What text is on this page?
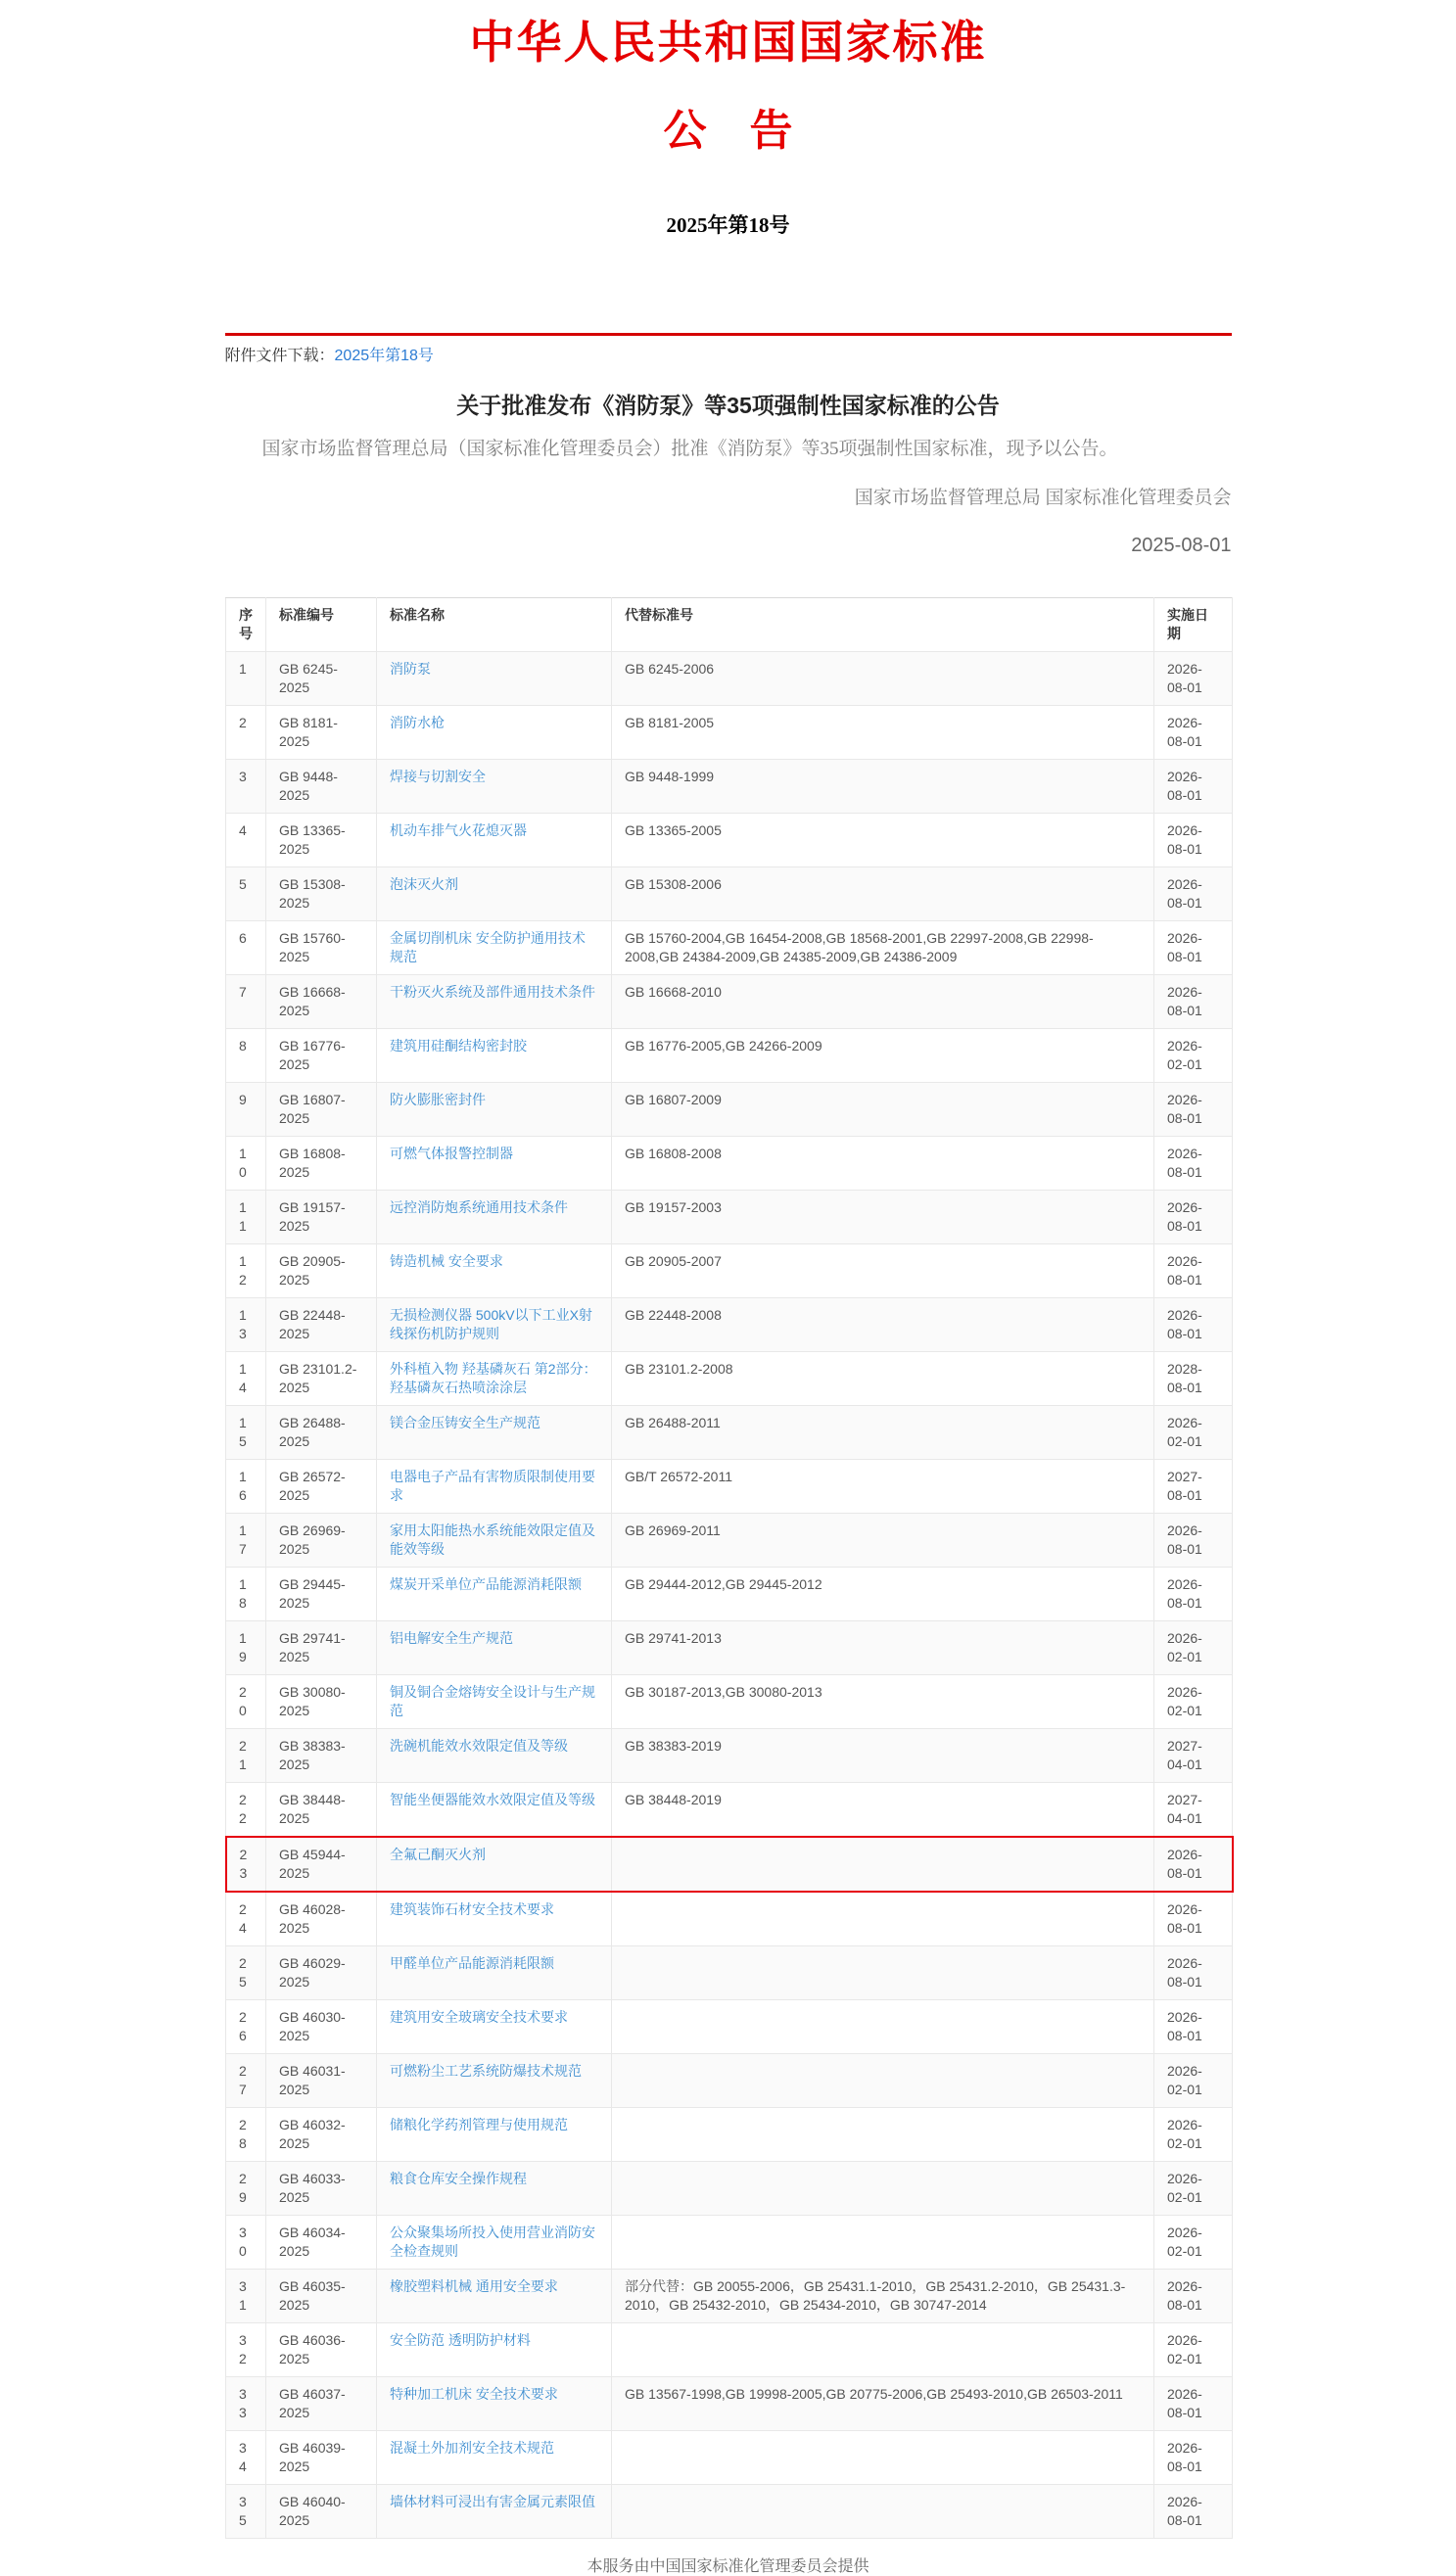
中华人民共和国国家标准
公　告
2025年第18号
附件文件下载：2025年第18号
关于批准发布《消防泵》等35项强制性国家标准的公告

国家市场监督管理总局（国家标准化管理委员会）批准《消防泵》等35项强制性国家标准，现予以公告。

国家市场监督管理总局 国家标准化管理委员会
2025-08-01
序号	标准编号	标准名称	代替标准号	实施日期
1	GB 6245-2025	消防泵	GB 6245-2006	2026-08-01
2	GB 8181-2025	消防水枪	GB 8181-2005	2026-08-01
3	GB 9448-2025	焊接与切割安全	GB 9448-1999	2026-08-01
4	GB 13365-2025	机动车排气火花熄灭器	GB 13365-2005	2026-08-01
5	GB 15308-2025	泡沫灭火剂	GB 15308-2006	2026-08-01
6	GB 15760-2025	金属切削机床 安全防护通用技术规范	GB 15760-2004,GB 16454-2008,GB 18568-2001,GB 22997-2008,GB 22998-2008,GB 24384-2009,GB 24385-2009,GB 24386-2009	2026-08-01
7	GB 16668-2025	干粉灭火系统及部件通用技术条件	GB 16668-2010	2026-08-01
8	GB 16776-2025	建筑用硅酮结构密封胶	GB 16776-2005,GB 24266-2009	2026-02-01
9	GB 16807-2025	防火膨胀密封件	GB 16807-2009	2026-08-01
10	GB 16808-2025	可燃气体报警控制器	GB 16808-2008	2026-08-01
11	GB 19157-2025	远控消防炮系统通用技术条件	GB 19157-2003	2026-08-01
12	GB 20905-2025	铸造机械 安全要求	GB 20905-2007	2026-08-01
13	GB 22448-2025	无损检测仪器 500kV以下工业X射线探伤机防护规则	GB 22448-2008	2026-08-01
14	GB 23101.2-2025	外科植入物 羟基磷灰石 第2部分：羟基磷灰石热喷涂涂层	GB 23101.2-2008	2028-08-01
15	GB 26488-2025	镁合金压铸安全生产规范	GB 26488-2011	2026-02-01
16	GB 26572-2025	电器电子产品有害物质限制使用要求	GB/T 26572-2011	2027-08-01
17	GB 26969-2025	家用太阳能热水系统能效限定值及能效等级	GB 26969-2011	2026-08-01
18	GB 29445-2025	煤炭开采单位产品能源消耗限额	GB 29444-2012,GB 29445-2012	2026-08-01
19	GB 29741-2025	铝电解安全生产规范	GB 29741-2013	2026-02-01
20	GB 30080-2025	铜及铜合金熔铸安全设计与生产规范	GB 30187-2013,GB 30080-2013	2026-02-01
21	GB 38383-2025	洗碗机能效水效限定值及等级	GB 38383-2019	2027-04-01
22	GB 38448-2025	智能坐便器能效水效限定值及等级	GB 38448-2019	2027-04-01
23	GB 45944-2025	全氟己酮灭火剂		2026-08-01
24	GB 46028-2025	建筑装饰石材安全技术要求		2026-08-01
25	GB 46029-2025	甲醛单位产品能源消耗限额		2026-08-01
26	GB 46030-2025	建筑用安全玻璃安全技术要求		2026-08-01
27	GB 46031-2025	可燃粉尘工艺系统防爆技术规范		2026-02-01
28	GB 46032-2025	储粮化学药剂管理与使用规范		2026-02-01
29	GB 46033-2025	粮食仓库安全操作规程		2026-02-01
30	GB 46034-2025	公众聚集场所投入使用营业消防安全检查规则		2026-02-01
31	GB 46035-2025	橡胶塑料机械 通用安全要求	部分代替：GB 20055-2006，GB 25431.1-2010，GB 25431.2-2010，GB 25431.3-2010，GB 25432-2010，GB 25434-2010，GB 30747-2014	2026-08-01
32	GB 46036-2025	安全防范 透明防护材料		2026-02-01
33	GB 46037-2025	特种加工机床 安全技术要求	GB 13567-1998,GB 19998-2005,GB 20775-2006,GB 25493-2010,GB 26503-2011	2026-08-01
34	GB 46039-2025	混凝土外加剂安全技术规范		2026-08-01
35	GB 46040-2025	墙体材料可浸出有害金属元素限值		2026-08-01
本服务由中国国家标准化管理委员会提供
